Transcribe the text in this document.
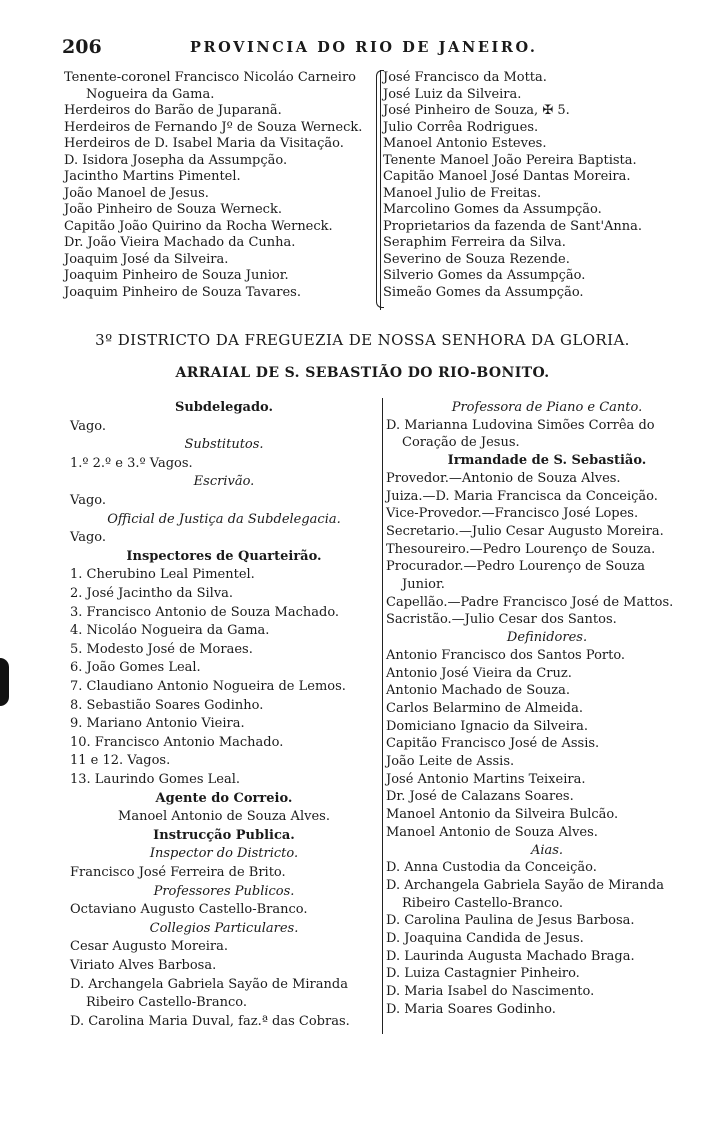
206	PROVINCIA DO RIO DE JANEIRO.
Tenente-coronel Francisco Nicoláo Carneiro
Nogueira da Gama.
Herdeiros do Barão de Juparanã.
Herdeiros de Fernando Jº de Souza Werneck.
Herdeiros de D. Isabel Maria da Visitação.
D. Isidora Josepha da Assumpção.
Jacintho Martins Pimentel.
João Manoel de Jesus.
João Pinheiro de Souza Werneck.
Capitão João Quirino da Rocha Werneck.
Dr. João Vieira Machado da Cunha.
Joaquim José da Silveira.
Joaquim Pinheiro de Souza Junior.
Joaquim Pinheiro de Souza Tavares.
José Francisco da Motta.
José Luiz da Silveira.
José Pinheiro de Souza, ✠ 5.
Julio Corrêa Rodrigues.
Manoel Antonio Esteves.
Tenente Manoel João Pereira Baptista.
Capitão Manoel José Dantas Moreira.
Manoel Julio de Freitas.
Marcolino Gomes da Assumpção.
Proprietarios da fazenda de Sant'Anna.
Seraphim Ferreira da Silva.
Severino de Souza Rezende.
Silverio Gomes da Assumpção.
Simeão Gomes da Assumpção.
3º DISTRICTO DA FREGUEZIA DE NOSSA SENHORA DA GLORIA.
ARRAIAL DE S. SEBASTIÃO DO RIO-BONITO.
Subdelegado.
Vago.
Substitutos.
1.º 2.º e 3.º Vagos.
Escrivão.
Vago.
Official de Justiça da Subdelegacia.
Vago.
Inspectores de Quarteirão.
1. Cherubino Leal Pimentel.
2. José Jacintho da Silva.
3. Francisco Antonio de Souza Machado.
4. Nicoláo Nogueira da Gama.
5. Modesto José de Moraes.
6. João Gomes Leal.
7. Claudiano Antonio Nogueira de Lemos.
8. Sebastião Soares Godinho.
9. Mariano Antonio Vieira.
10. Francisco Antonio Machado.
11 e 12. Vagos.
13. Laurindo Gomes Leal.
Agente do Correio.
Manoel Antonio de Souza Alves.
Instrucção Publica.
Inspector do Districto.
Francisco José Ferreira de Brito.
Professores Publicos.
Octaviano Augusto Castello-Branco.
Collegios Particulares.
Cesar Augusto Moreira.
Viriato Alves Barbosa.
D. Archangela Gabriela Sayão de Miranda
Ribeiro Castello-Branco.
D. Carolina Maria Duval, faz.ª das Cobras.
Professora de Piano e Canto.
D. Marianna Ludovina Simões Corrêa do
Coração de Jesus.
Irmandade de S. Sebastião.
Provedor.—Antonio de Souza Alves.
Juiza.—D. Maria Francisca da Conceição.
Vice-Provedor.—Francisco José Lopes.
Secretario.—Julio Cesar Augusto Moreira.
Thesoureiro.—Pedro Lourenço de Souza.
Procurador.—Pedro Lourenço de Souza
Junior.
Capellão.—Padre Francisco José de Mattos.
Sacristão.—Julio Cesar dos Santos.
Definidores.
Antonio Francisco dos Santos Porto.
Antonio José Vieira da Cruz.
Antonio Machado de Souza.
Carlos Belarmino de Almeida.
Domiciano Ignacio da Silveira.
Capitão Francisco José de Assis.
João Leite de Assis.
José Antonio Martins Teixeira.
Dr. José de Calazans Soares.
Manoel Antonio da Silveira Bulcão.
Manoel Antonio de Souza Alves.
Aias.
D. Anna Custodia da Conceição.
D. Archangela Gabriela Sayão de Miranda
Ribeiro Castello-Branco.
D. Carolina Paulina de Jesus Barbosa.
D. Joaquina Candida de Jesus.
D. Laurinda Augusta Machado Braga.
D. Luiza Castagnier Pinheiro.
D. Maria Isabel do Nascimento.
D. Maria Soares Godinho.
